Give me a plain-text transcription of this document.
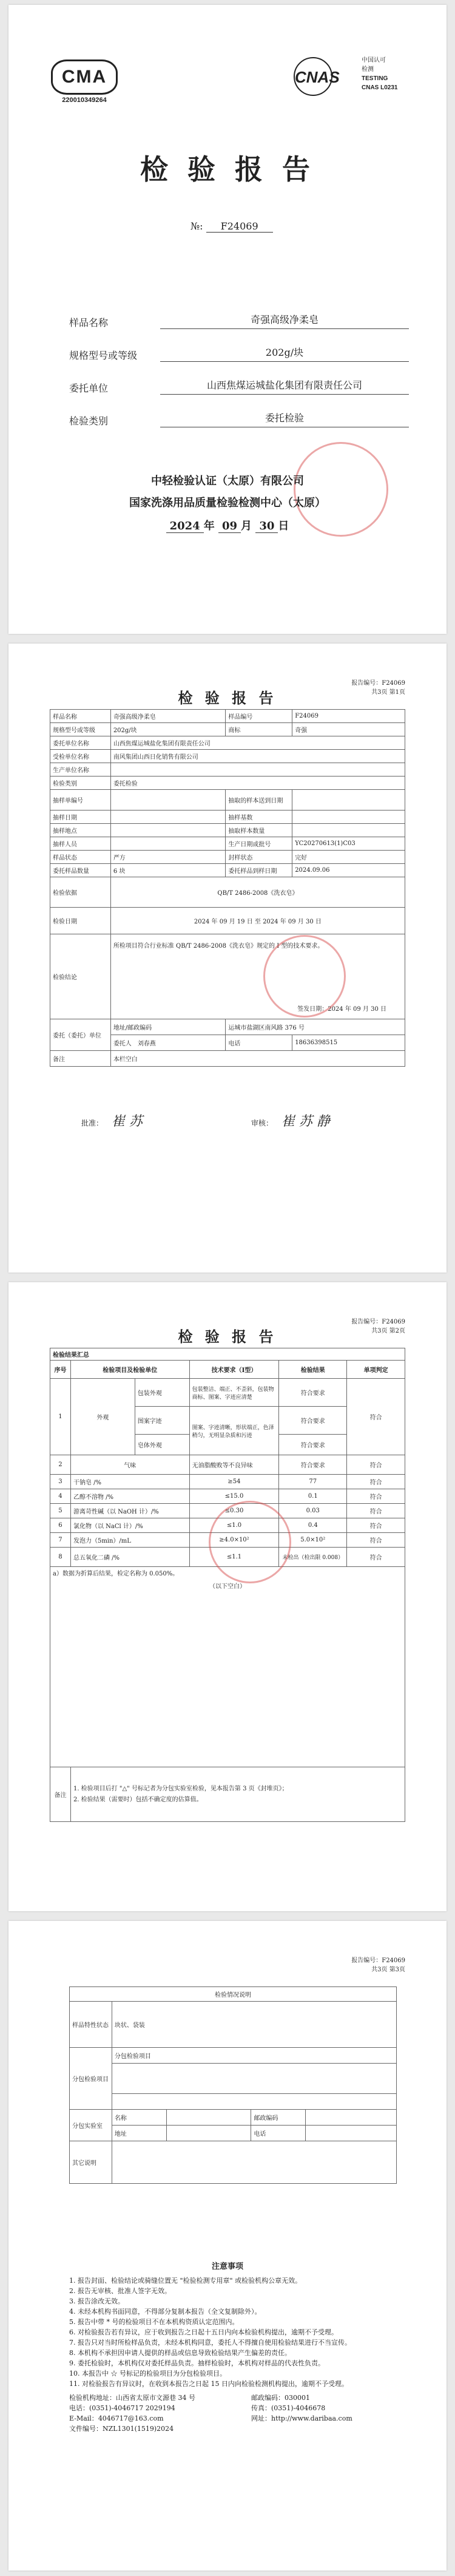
CMA
220010349264
CNAS
中国认可
检测
TESTING
CNAS L0231
检 验 报 告
№: F24069
样品名称	奇强高级净柔皂
规格型号或等级	202g/块
委托单位	山西焦煤运城盐化集团有限责任公司
检验类别	委托检验
中轻检验认证（太原）有限公司
国家洗涤用品质量检验检测中心（太原）
2024 年 09 月 30 日
检 验 报 告
报告编号：F24069
共3页 第1页
样品名称	奇强高级净柔皂	样品编号	F24069
规格型号或等级	202g/块	商标	奇强
委托单位名称	山西焦煤运城盐化集团有限责任公司		
受检单位名称	南风集团山西日化销售有限公司		
生产单位名称			
检验类别	委托检验		
抽样单编号		抽取的样本送到日期	
抽样日期		抽样基数	
抽样地点		抽取样本数量	
抽样人员		生产日期或批号	YC20270613(1)C03
样品状态	严方	封样状态	完好
委托样品数量	6 块	委托样品到样日期	2024.09.06
检验依据	QB/T 2486-2008《洗衣皂》		
检验日期	2024 年 09 月 19 日 至 2024 年 09 月 30 日		
检验结论	所检项目符合行业标准 QB/T 2486-2008《洗衣皂》规定的 I 型的技术要求。
签发日期：2024 年 09 月 30 日		

委托（委托）单位	地址/邮政编码	运城市盐湖区南风路 376 号	
	委托人　 刘春燕	电话	18636398515
备注	本栏空白		
批准： 崔 苏	审核： 崔 苏 静
检 验 报 告
报告编号：F24069
共3页 第2页
检验结果汇总					
序号	检验项目及检验单位		技术要求（I型）	检验结果	单项判定
1	外观	包装外观	包装整洁、端正、不歪斜，包装物商标、图案、字迹应清楚	符合要求	符合
		图案字迹	图案、字迹清晰，形状端正，色泽稍匀，无明显杂质和污迹	符合要求	
		皂体外观		符合要求	
2	气味		无油脂酸败等不良异味	符合要求	符合
3	干钠皂 /%		≥54	77	符合
4	乙醇不溶物 /%		≤15.0	0.1	符合
5	游离苛性碱（以 NaOH 计）/%		≤0.30	0.03	符合
6	氯化物（以 NaCl 计）/%		≤1.0	0.4	符合
7	发泡力（5min）/mL		≥4.0×10²	5.0×10²	符合
8	总五氧化二磷 /%		≤1.1	未检出（检出限 0.008）	符合

a）数据为折算后结果，检定名称为 0.050%。
（以下空白）					

备注	1. 检验项目后打 "△" 号标记者为分包实验室检验，见本报告第 3 页《封堆页》；
2. 检验结果（需要时）包括不确定度的估算值。				
报告编号：F24069
共3页 第3页
检验情况说明				
样品特性状态	块状、袋装			
分包检验项目	分包检验项目			

分包实验室	名称		邮政编码	
	地址		电话	
其它说明				
注意事项
1. 报告封面、检验结论或骑缝位置无 "检验检测专用章" 或检验机构公章无效。
2. 报告无审核、批准人签字无效。
3. 报告涂改无效。
4. 未经本机构书面同意，不得部分复制本报告（全文复制除外）。
5. 报告中带 * 号的检验项目不在本机构资质认定范围内。
6. 对检验报告若有异议，应于收到报告之日起十五日内向本检验机构提出，逾期不予受理。
7. 报告只对当时所检样品负责，未经本机构同意，委托人不得擅自使用检验结果进行不当宣传。
8. 本机构不承担因申请人提供的样品或信息导致检验结果产生偏差的责任。
9. 委托检验时，本机构仅对委托样品负责。抽样检验时，本机构对样品的代表性负责。
10. 本报告中 ☆ 号标记的检验项目为分包检验项目。
11. 对检验报告有异议时，在收到本报告之日起 15 日内向检验检测机构提出，逾期不予受理。
检验机构地址：山西省太原市文源巷 34 号	邮政编码：030001
电话：(0351)-4046717 2029194	传真：(0351)-4046678
E-Mail：4046717@163.com	网址：http://www.daribaa.com
文件编号：NZL1301(1519)2024
